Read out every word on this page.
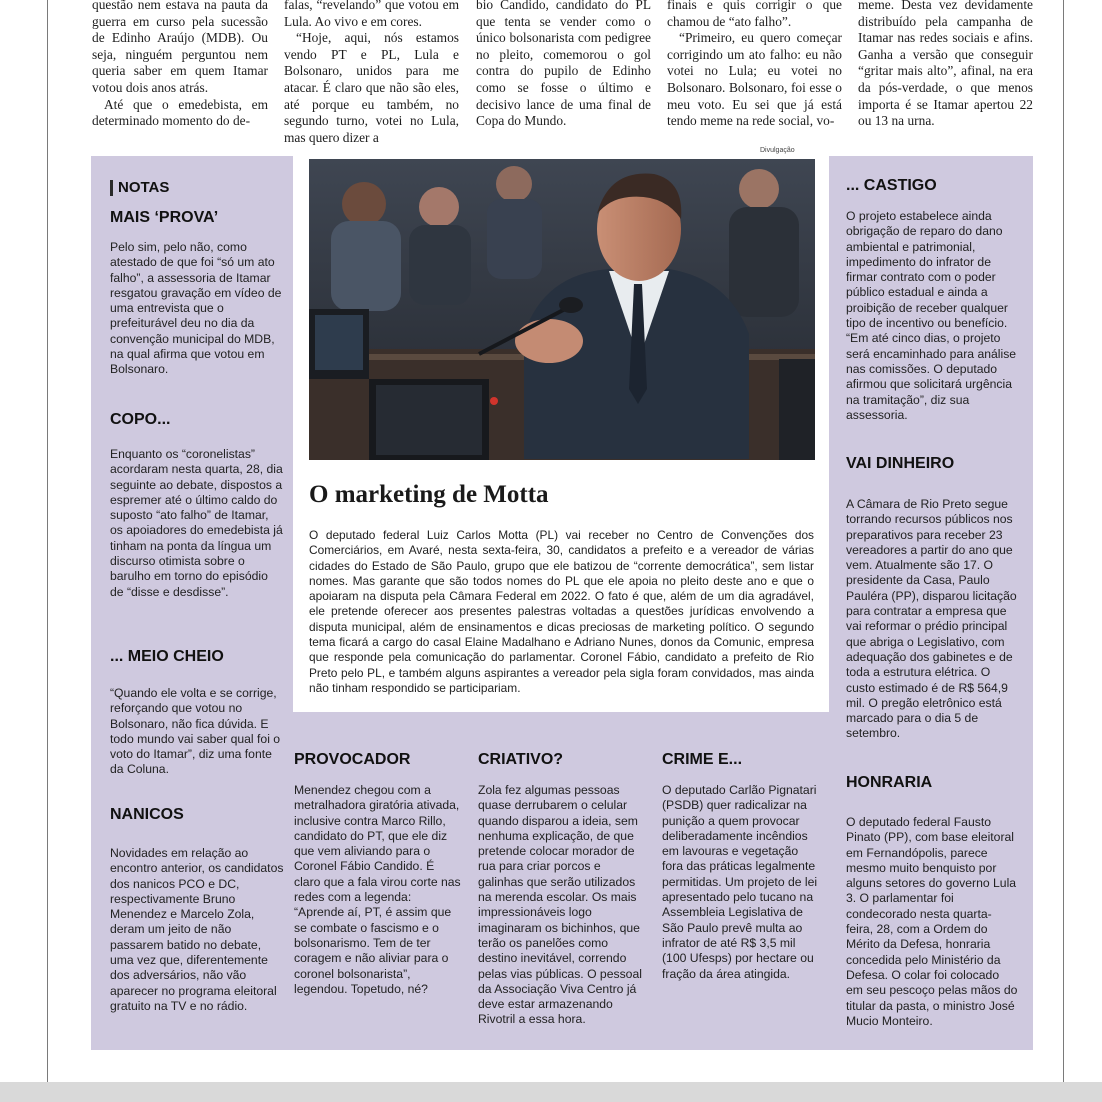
questão nem estava na pauta da guerra em curso pela sucessão de Edinho Araújo (MDB). Ou seja, ninguém perguntou nem queria saber em quem Itamar votou dois anos atrás.

Até que o emedebista, em determinado momento do de-

falas, “revelando” que votou em Lula. Ao vivo e em cores.

“Hoje, aqui, nós estamos vendo PT e PL, Lula e Bolsonaro, unidos para me atacar. É claro que não são eles, até porque eu também, no segundo turno, votei no Lula, mas quero dizer a

bio Candido, candidato do PL que tenta se vender como o único bolsonarista com pedigree no pleito, comemorou o gol contra do pupilo de Edinho como se fosse o último e decisivo lance de uma final de Copa do Mundo.

finais e quis corrigir o que chamou de “ato falho”.

“Primeiro, eu quero começar corrigindo um ato falho: eu não votei no Lula; eu votei no Bolsonaro. Bolsonaro, foi esse o meu voto. Eu sei que já está tendo meme na rede social, vo-

meme. Desta vez devidamente distribuído pela campanha de Itamar nas redes sociais e afins. Ganha a versão que conseguir “gritar mais alto”, afinal, na era da pós-verdade, o que menos importa é se Itamar apertou 22 ou 13 na urna.

Divulgação
O marketing de Motta

O deputado federal Luiz Carlos Motta (PL) vai receber no Centro de Convenções dos Comerciários, em Avaré, nesta sexta-feira, 30, candidatos a prefeito e a vereador de várias cidades do Estado de São Paulo, grupo que ele batizou de “corrente democrática”, sem listar nomes. Mas garante que são todos nomes do PL que ele apoia no pleito deste ano e que o apoiaram na disputa pela Câmara Federal em 2022. O fato é que, além de um dia agradável, ele pretende oferecer aos presentes palestras voltadas a questões jurídicas envolvendo a disputa municipal, além de ensinamentos e dicas preciosas de marketing político. O segundo tema ficará a cargo do casal Elaine Madalhano e Adriano Nunes, donos da Comunic, empresa que responde pela comunicação do parlamentar. Coronel Fábio, candidato a prefeito de Rio Preto pelo PL, e também alguns aspirantes a vereador pela sigla foram convidados, mas ainda não tinham respondido se participariam.

NOTAS
MAIS ‘PROVA’

Pelo sim, pelo não, como atestado de que foi “só um ato falho”, a assessoria de Itamar resgatou gravação em vídeo de uma entrevista que o prefeiturável deu no dia da convenção municipal do MDB, na qual afirma que votou em Bolsonaro.

COPO...

Enquanto os “coronelistas” acordaram nesta quarta, 28, dia seguinte ao debate, dispostos a espremer até o último caldo do suposto “ato falho” de Itamar, os apoiadores do emedebista já tinham na ponta da língua um discurso otimista sobre o barulho em torno do episódio de “disse e desdisse”.

... MEIO CHEIO

“Quando ele volta e se corrige, reforçando que votou no Bolsonaro, não fica dúvida. E todo mundo vai saber qual foi o voto do Itamar”, diz uma fonte da Coluna.

NANICOS

Novidades em relação ao encontro anterior, os candidatos dos nanicos PCO e DC, respectivamente Bruno Menendez e Marcelo Zola, deram um jeito de não passarem batido no debate, uma vez que, diferentemente dos adversários, não vão aparecer no programa eleitoral gratuito na TV e no rádio.

PROVOCADOR

Menendez chegou com a metralhadora giratória ativada, inclusive contra Marco Rillo, candidato do PT, que ele diz que vem aliviando para o Coronel Fábio Candido. É claro que a fala virou corte nas redes com a legenda: “Aprende aí, PT, é assim que se combate o fascismo e o bolsonarismo. Tem de ter coragem e não aliviar para o coronel bolsonarista”, legendou. Topetudo, né?

CRIATIVO?

Zola fez algumas pessoas quase derrubarem o celular quando disparou a ideia, sem nenhuma explicação, de que pretende colocar morador de rua para criar porcos e galinhas que serão utilizados na merenda escolar. Os mais impressionáveis logo imaginaram os bichinhos, que terão os panelões como destino inevitável, correndo pelas vias públicas. O pessoal da Associação Viva Centro já deve estar armazenando Rivotril a essa hora.

CRIME E...

O deputado Carlão Pignatari (PSDB) quer radicalizar na punição a quem provocar deliberadamente incêndios em lavouras e vegetação fora das práticas legalmente permitidas. Um projeto de lei apresentado pelo tucano na Assembleia Legislativa de São Paulo prevê multa ao infrator de até R$ 3,5 mil (100 Ufesps) por hectare ou fração da área atingida.

... CASTIGO

O projeto estabelece ainda obrigação de reparo do dano ambiental e patrimonial, impedimento do infrator de firmar contrato com o poder público estadual e ainda a proibição de receber qualquer tipo de incentivo ou benefício. “Em até cinco dias, o projeto será encaminhado para análise nas comissões. O deputado afirmou que solicitará urgência na tramitação”, diz sua assessoria.

VAI DINHEIRO

A Câmara de Rio Preto segue torrando recursos públicos nos preparativos para receber 23 vereadores a partir do ano que vem. Atualmente são 17. O presidente da Casa, Paulo Pauléra (PP), disparou licitação para contratar a empresa que vai reformar o prédio principal que abriga o Legislativo, com adequação dos gabinetes e de toda a estrutura elétrica. O custo estimado é de R$ 564,9 mil. O pregão eletrônico está marcado para o dia 5 de setembro.

HONRARIA

O deputado federal Fausto Pinato (PP), com base eleitoral em Fernandópolis, parece mesmo muito benquisto por alguns setores do governo Lula 3. O parlamentar foi condecorado nesta quarta-feira, 28, com a Ordem do Mérito da Defesa, honraria concedida pelo Ministério da Defesa. O colar foi colocado em seu pescoço pelas mãos do titular da pasta, o ministro José Mucio Monteiro.
